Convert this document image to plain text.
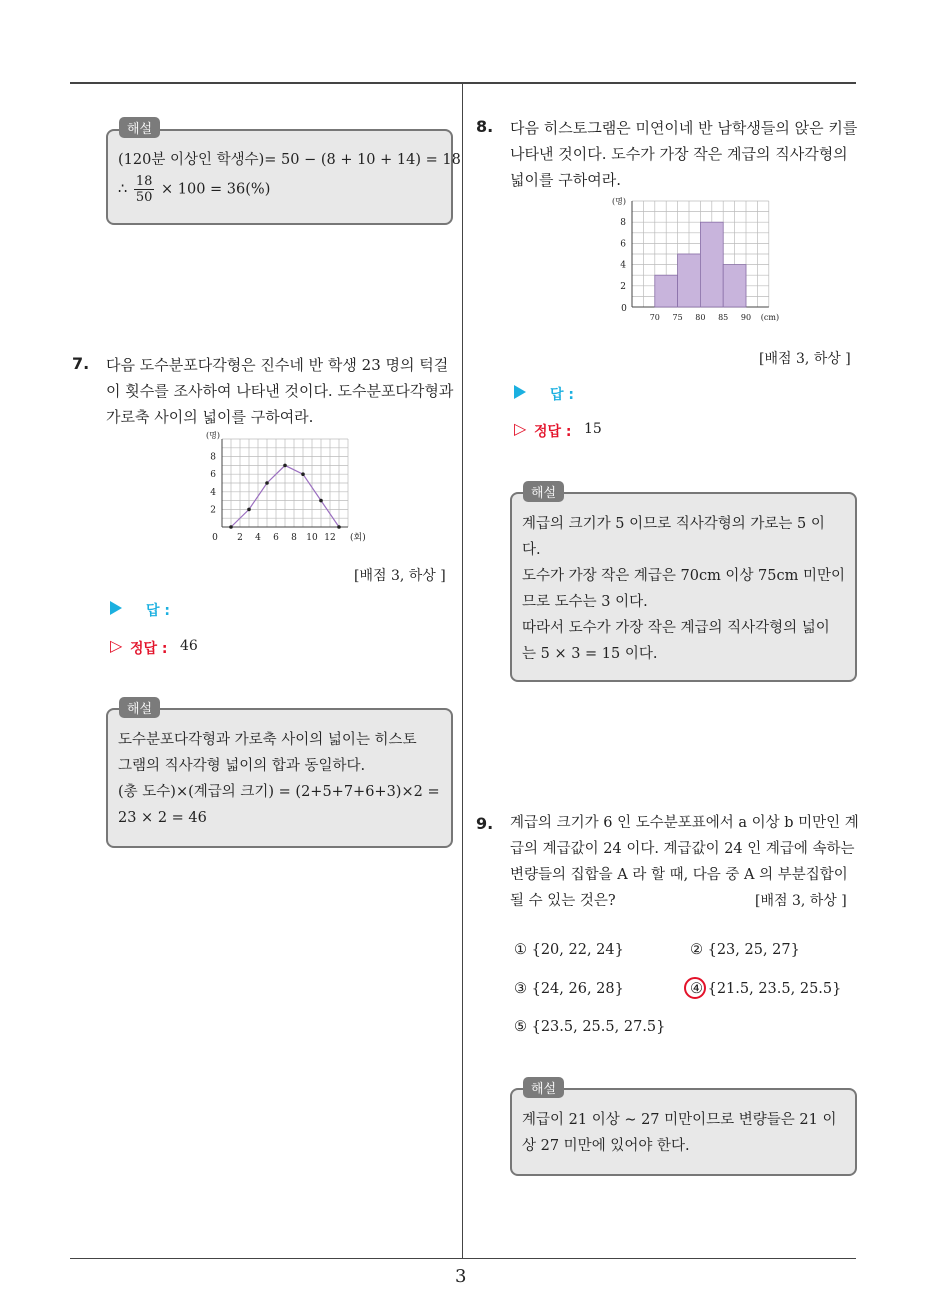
3
해설
(120분 이상인 학생수)= 50 − (8 + 10 + 14) = 18
∴ $\frac{18}{50} \times 100 = 36(\%)$
7. 다음 도수분포다각형은 진수네 반 학생 23 명의 턱걸
이 횟수를 조사하여 나타낸 것이다. 도수분포다각형과
가로축 사이의 넓이를 구하여라.
0 2 4 6 8 10 12
2
4
6
8
(명)
(회)
[배점 3, 하상 ]
답 :
▷ 정답 : 46
해설
도수분포다각형과 가로축 사이의 넓이는 히스토
그램의 직사각형 넓이의 합과 동일하다.
(총 도수)×(계급의 크기) = (2+5+7+6+3)×2 =
23 × 2 = 46
8. 다음 히스토그램은 미연이네 반 남학생들의 앉은 키를
나타낸 것이다. 도수가 가장 작은 계급의 직사각형의
넓이를 구하여라.
70 75 80 85 90
0
2
4
6
8
(명)
(cm)
[배점 3, 하상 ]
답 :
▷ 정답 : 15
해설
계급의 크기가 5 이므로 직사각형의 가로는 5 이
다.
도수가 가장 작은 계급은 70cm 이상 75cm 미만이
므로 도수는 3 이다.
따라서 도수가 가장 작은 계급의 직사각형의 넓이
는 5 × 3 = 15 이다.
9. 계급의 크기가 6 인 도수분포표에서 a 이상 b 미만인 계
급의 계급값이 24 이다. 계급값이 24 인 계급에 속하는
변량들의 집합을 A 라 할 때, 다음 중 A 의 부분집합이
될 수 있는 것은?	[배점 3, 하상 ]
① {20, 22, 24}	② {23, 25, 27}
③ {24, 26, 28}	④ {21.5, 23.5, 25.5}
⑤ {23.5, 25.5, 27.5}
해설
계급이 21 이상 ∼ 27 미만이므로 변량들은 21 이
상 27 미만에 있어야 한다.
